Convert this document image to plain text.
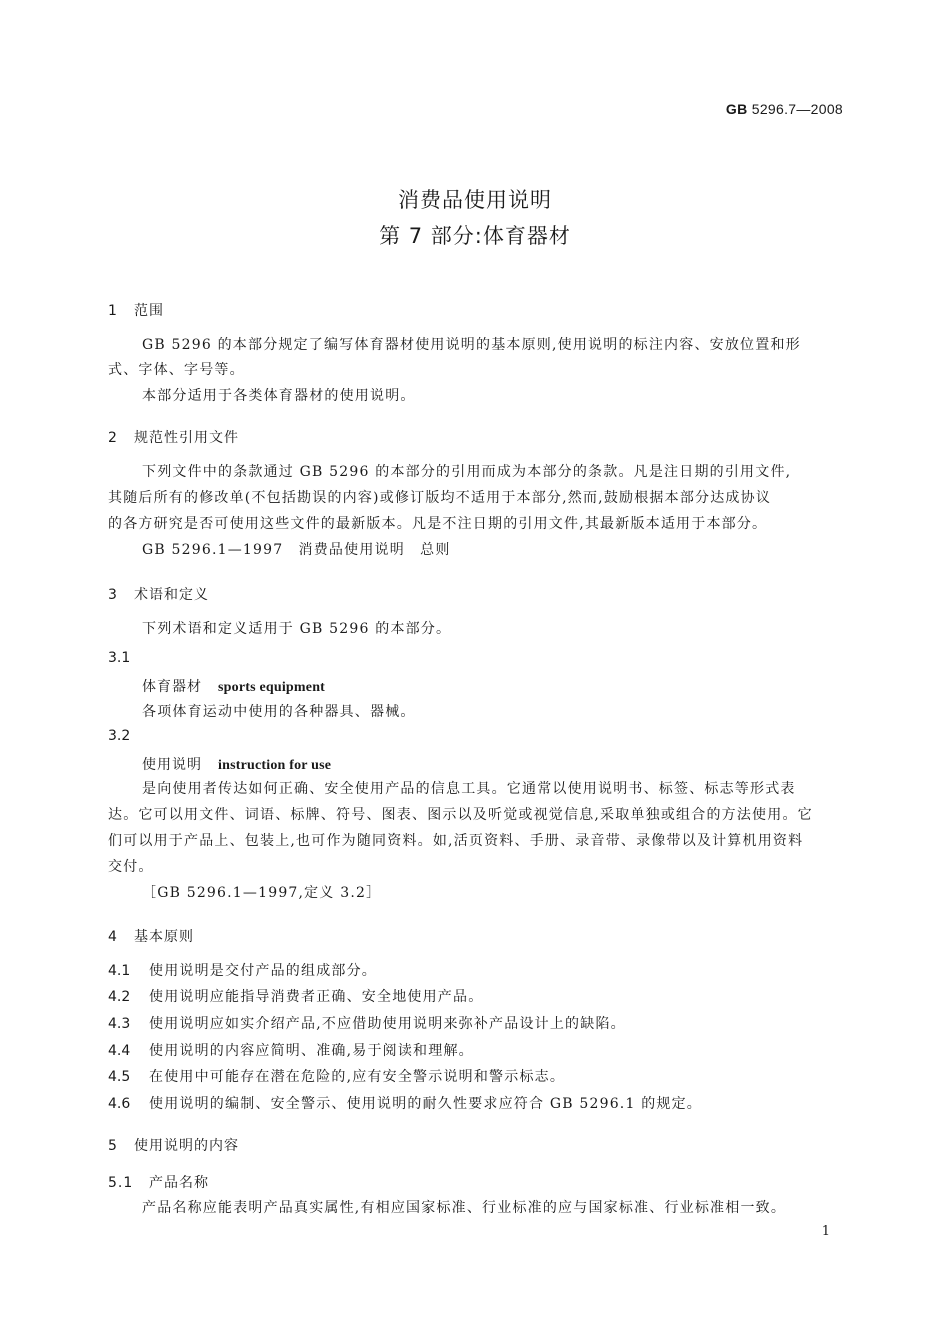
GB 5296.7—2008
消费品使用说明
第 7 部分:体育器材
1 范围
GB 5296 的本部分规定了编写体育器材使用说明的基本原则,使用说明的标注内容、安放位置和形
式、字体、字号等。
本部分适用于各类体育器材的使用说明。
2 规范性引用文件
下列文件中的条款通过 GB 5296 的本部分的引用而成为本部分的条款。凡是注日期的引用文件,
其随后所有的修改单(不包括勘误的内容)或修订版均不适用于本部分,然而,鼓励根据本部分达成协议
的各方研究是否可使用这些文件的最新版本。凡是不注日期的引用文件,其最新版本适用于本部分。
GB 5296.1—1997　消费品使用说明　总则
3 术语和定义
下列术语和定义适用于 GB 5296 的本部分。
3.1
体育器材 sports equipment
各项体育运动中使用的各种器具、器械。
3.2
使用说明 instruction for use
是向使用者传达如何正确、安全使用产品的信息工具。它通常以使用说明书、标签、标志等形式表
达。它可以用文件、词语、标牌、符号、图表、图示以及听觉或视觉信息,采取单独或组合的方法使用。它
们可以用于产品上、包装上,也可作为随同资料。如,活页资料、手册、录音带、录像带以及计算机用资料
交付。
［GB 5296.1—1997,定义 3.2］
4 基本原则
4.1 使用说明是交付产品的组成部分。
4.2 使用说明应能指导消费者正确、安全地使用产品。
4.3 使用说明应如实介绍产品,不应借助使用说明来弥补产品设计上的缺陷。
4.4 使用说明的内容应简明、准确,易于阅读和理解。
4.5 在使用中可能存在潜在危险的,应有安全警示说明和警示标志。
4.6 使用说明的编制、安全警示、使用说明的耐久性要求应符合 GB 5296.1 的规定。
5 使用说明的内容
5.1 产品名称
产品名称应能表明产品真实属性,有相应国家标准、行业标准的应与国家标准、行业标准相一致。
1
